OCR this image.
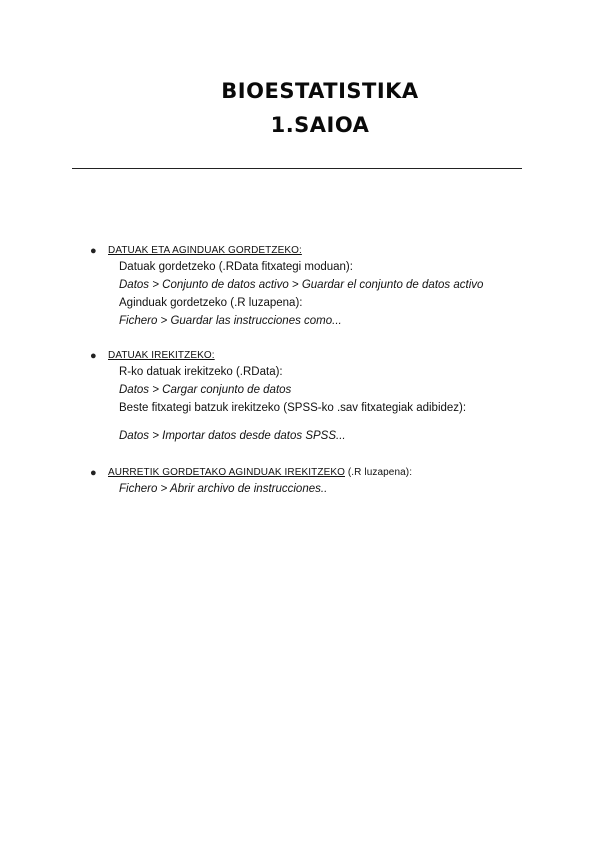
BIOESTATISTIKA
1.SAIOA
● DATUAK ETA AGINDUAK GORDETZEKO:
Datuak gordetzeko (.RData fitxategi moduan):
Datos > Conjunto de datos activo > Guardar el conjunto de datos activo
Aginduak gordetzeko (.R luzapena):
Fichero > Guardar las instrucciones como...
● DATUAK IREKITZEKO:
R-ko datuak irekitzeko (.RData):
Datos > Cargar conjunto de datos
Beste fitxategi batzuk irekitzeko (SPSS-ko .sav fitxategiak adibidez):
Datos > Importar datos desde datos SPSS...
● AURRETIK GORDETAKO AGINDUAK IREKITZEKO (.R luzapena):
Fichero > Abrir archivo de instrucciones..
